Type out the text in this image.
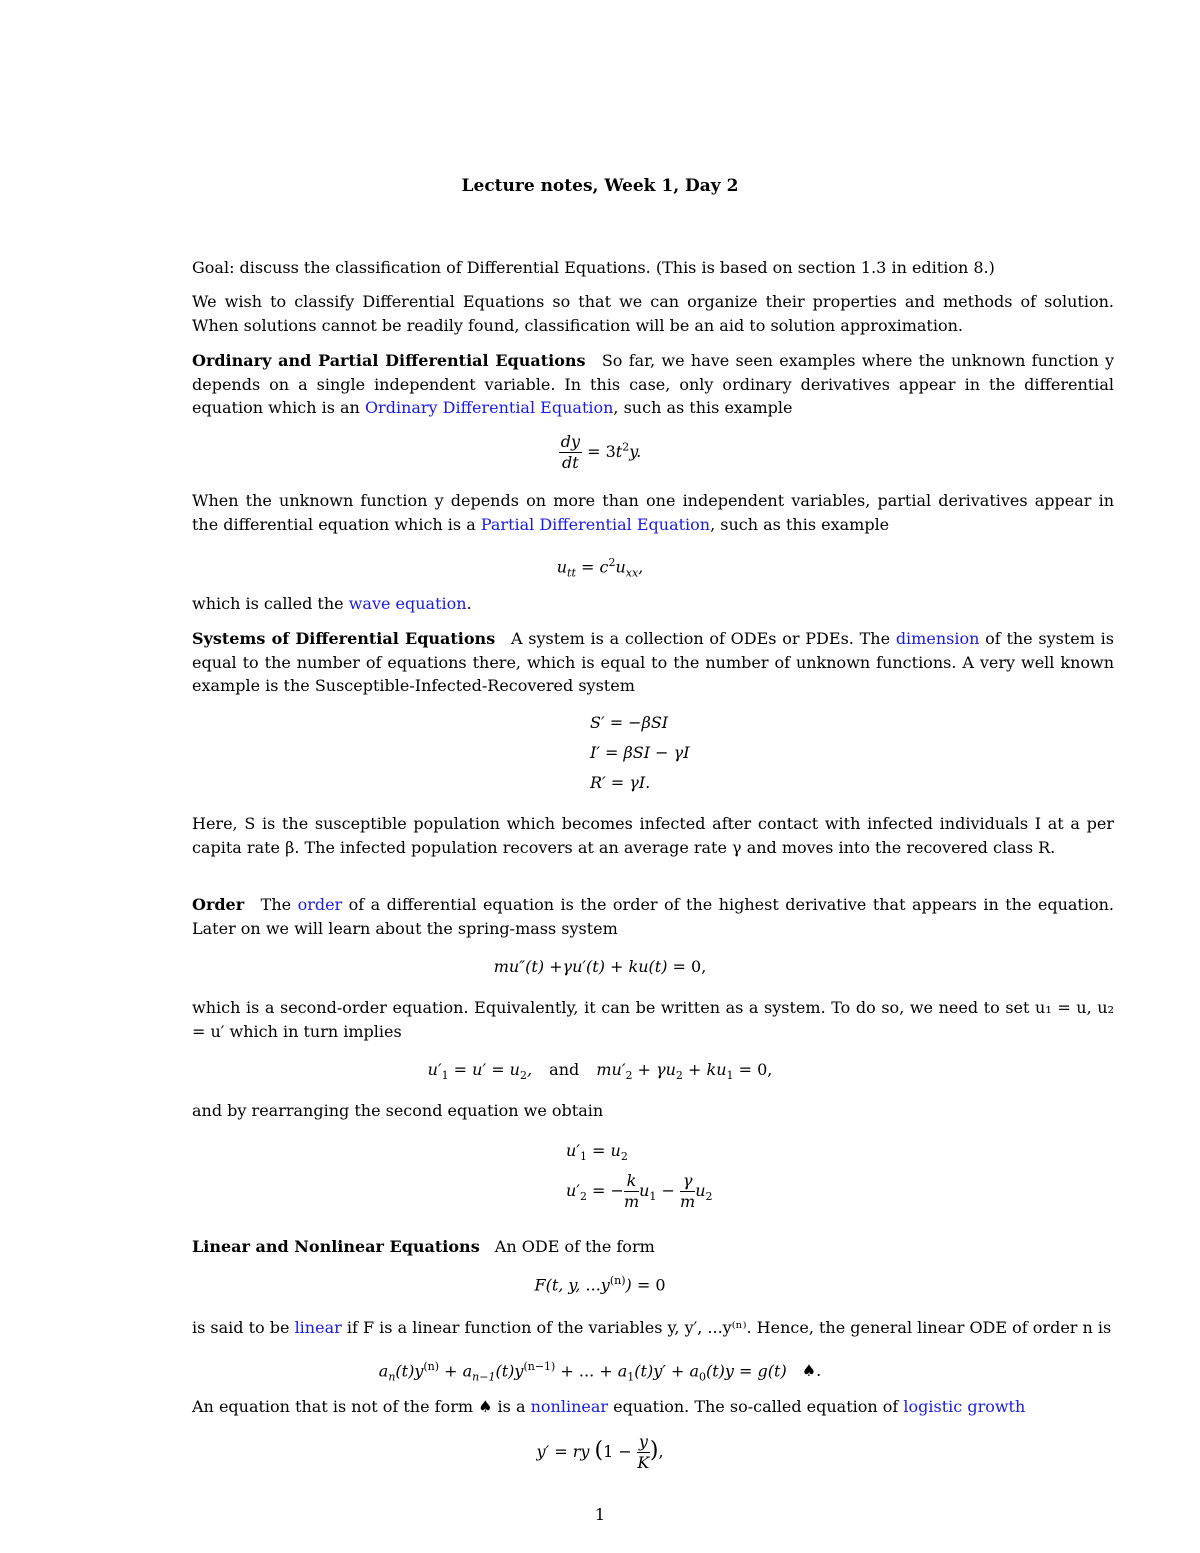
Lecture notes, Week 1, Day 2

Goal: discuss the classification of Differential Equations. (This is based on section 1.3 in edition 8.)

We wish to classify Differential Equations so that we can organize their properties and methods of solution. When solutions cannot be readily found, classification will be an aid to solution approximation.

Ordinary and Partial Differential Equations So far, we have seen examples where the unknown function y depends on a single independent variable. In this case, only ordinary derivatives appear in the differential equation which is an Ordinary Differential Equation, such as this example

$\frac{dy}{dt} = 3t^2y$.

When the unknown function y depends on more than one independent variables, partial derivatives appear in the differential equation which is a Partial Differential Equation, such as this example

$u_{tt} = c^2u_{xx}$,

which is called the wave equation.

Systems of Differential Equations A system is a collection of ODEs or PDEs. The dimension of the system is equal to the number of equations there, which is equal to the number of unknown functions. A very well known example is the Susceptible-Infected-Recovered system

S′ = −βSI
I′ = βSI − γI
R′ = γI.

Here, S is the susceptible population which becomes infected after contact with infected individuals I at a per capita rate β. The infected population recovers at an average rate γ and moves into the recovered class R.

Order The order of a differential equation is the order of the highest derivative that appears in the equation. Later on we will learn about the spring-mass system

mu″(t) +γu′(t) + ku(t) = 0,

which is a second-order equation. Equivalently, it can be written as a system. To do so, we need to set u₁ = u, u₂ = u′ which in turn implies

$u'_1 = u' = u_2$, and $mu'_2 + \gamma u_2 + ku_1 = 0$,

and by rearranging the second equation we obtain

$u'_1 = u_2$
$u'_2$ = − $\frac{k}{m} u_1 - \frac{\gamma}{m} u_2$

Linear and Nonlinear Equations An ODE of the form

F(t, y, $...y^{(n)}) = 0$

is said to be linear if F is a linear function of the variables y, y′, ...y⁽ⁿ⁾. Hence, the general linear ODE of order n is

$a_n(t)y^{(n)} + a_{n-1}(t)y^{(n-1)}$ + ... + $a_1(t)y' + a_0(t)y = g(t)$ ♠.

An equation that is not of the form ♠ is a nonlinear equation. The so-called equation of logistic growth

y′ = ry ($1 - \frac{y}{K}$ ),
1
